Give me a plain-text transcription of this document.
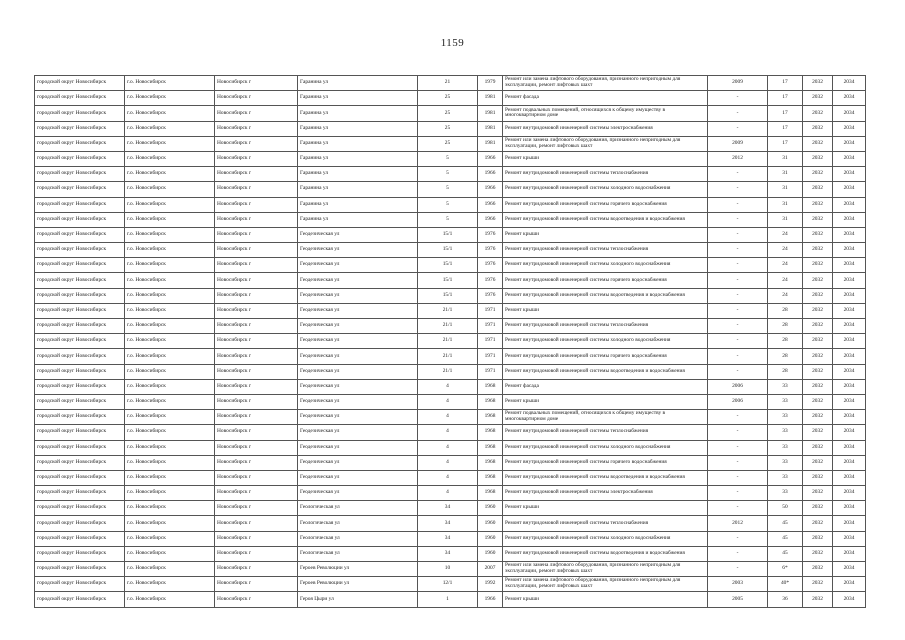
1159
городской округ Новосибирск	г.о. Новосибирск	Новосибирск г	Гаранина ул	21	1979	Ремонт или замена лифтового оборудования, признанного непригодным для эксплуатации, ремонт лифтовых шахт	2009	17	2032	2034
городской округ Новосибирск	г.о. Новосибирск	Новосибирск г	Гаранина ул	25	1981	Ремонт фасада	-	17	2032	2034
городской округ Новосибирск	г.о. Новосибирск	Новосибирск г	Гаранина ул	25	1981	Ремонт подвальных помещений, относящихся к общему имуществу в многоквартирном доме	-	17	2032	2034
городской округ Новосибирск	г.о. Новосибирск	Новосибирск г	Гаранина ул	25	1981	Ремонт внутридомовой инженерной системы электроснабжения	-	17	2032	2034
городской округ Новосибирск	г.о. Новосибирск	Новосибирск г	Гаранина ул	25	1981	Ремонт или замена лифтового оборудования, признанного непригодным для эксплуатации, ремонт лифтовых шахт	2009	17	2032	2034
городской округ Новосибирск	г.о. Новосибирск	Новосибирск г	Гаранина ул	5	1966	Ремонт крыши	2012	31	2032	2034
городской округ Новосибирск	г.о. Новосибирск	Новосибирск г	Гаранина ул	5	1966	Ремонт внутридомовой инженерной системы теплоснабжения	-	31	2032	2034
городской округ Новосибирск	г.о. Новосибирск	Новосибирск г	Гаранина ул	5	1966	Ремонт внутридомовой инженерной системы холодного водоснабжения	-	31	2032	2034
городской округ Новосибирск	г.о. Новосибирск	Новосибирск г	Гаранина ул	5	1966	Ремонт внутридомовой инженерной системы горячего водоснабжения	-	31	2032	2034
городской округ Новосибирск	г.о. Новосибирск	Новосибирск г	Гаранина ул	5	1966	Ремонт внутридомовой инженерной системы водоотведения и водоснабжения	-	31	2032	2034
городской округ Новосибирск	г.о. Новосибирск	Новосибирск г	Геодезическая ул	15/1	1976	Ремонт крыши	-	24	2032	2034
городской округ Новосибирск	г.о. Новосибирск	Новосибирск г	Геодезическая ул	15/1	1976	Ремонт внутридомовой инженерной системы теплоснабжения	-	24	2032	2034
городской округ Новосибирск	г.о. Новосибирск	Новосибирск г	Геодезическая ул	15/1	1976	Ремонт внутридомовой инженерной системы холодного водоснабжения	-	24	2032	2034
городской округ Новосибирск	г.о. Новосибирск	Новосибирск г	Геодезическая ул	15/1	1976	Ремонт внутридомовой инженерной системы горячего водоснабжения	-	24	2032	2034
городской округ Новосибирск	г.о. Новосибирск	Новосибирск г	Геодезическая ул	15/1	1976	Ремонт внутридомовой инженерной системы водоотведения и водоснабжения	-	24	2032	2034
городской округ Новосибирск	г.о. Новосибирск	Новосибирск г	Геодезическая ул	21/1	1971	Ремонт крыши	-	28	2032	2034
городской округ Новосибирск	г.о. Новосибирск	Новосибирск г	Геодезическая ул	21/1	1971	Ремонт внутридомовой инженерной системы теплоснабжения	-	28	2032	2034
городской округ Новосибирск	г.о. Новосибирск	Новосибирск г	Геодезическая ул	21/1	1971	Ремонт внутридомовой инженерной системы холодного водоснабжения	-	28	2032	2034
городской округ Новосибирск	г.о. Новосибирск	Новосибирск г	Геодезическая ул	21/1	1971	Ремонт внутридомовой инженерной системы горячего водоснабжения	-	28	2032	2034
городской округ Новосибирск	г.о. Новосибирск	Новосибирск г	Геодезическая ул	21/1	1971	Ремонт внутридомовой инженерной системы водоотведения и водоснабжения	-	28	2032	2034
городской округ Новосибирск	г.о. Новосибирск	Новосибирск г	Геодезическая ул	4	1968	Ремонт фасада	2006	33	2032	2034
городской округ Новосибирск	г.о. Новосибирск	Новосибирск г	Геодезическая ул	4	1968	Ремонт крыши	2006	33	2032	2034
городской округ Новосибирск	г.о. Новосибирск	Новосибирск г	Геодезическая ул	4	1968	Ремонт подвальных помещений, относящихся к общему имуществу в многоквартирном доме	-	33	2032	2034
городской округ Новосибирск	г.о. Новосибирск	Новосибирск г	Геодезическая ул	4	1968	Ремонт внутридомовой инженерной системы теплоснабжения	-	33	2032	2034
городской округ Новосибирск	г.о. Новосибирск	Новосибирск г	Геодезическая ул	4	1968	Ремонт внутридомовой инженерной системы холодного водоснабжения	-	33	2032	2034
городской округ Новосибирск	г.о. Новосибирск	Новосибирск г	Геодезическая ул	4	1968	Ремонт внутридомовой инженерной системы горячего водоснабжения	-	33	2032	2034
городской округ Новосибирск	г.о. Новосибирск	Новосибирск г	Геодезическая ул	4	1968	Ремонт внутридомовой инженерной системы водоотведения и водоснабжения	-	33	2032	2034
городской округ Новосибирск	г.о. Новосибирск	Новосибирск г	Геодезическая ул	4	1968	Ремонт внутридомовой инженерной системы электроснабжения	-	33	2032	2034
городской округ Новосибирск	г.о. Новосибирск	Новосибирск г	Геологическая ул	34	1960	Ремонт крыши	-	50	2032	2034
городской округ Новосибирск	г.о. Новосибирск	Новосибирск г	Геологическая ул	34	1960	Ремонт внутридомовой инженерной системы теплоснабжения	2012	45	2032	2034
городской округ Новосибирск	г.о. Новосибирск	Новосибирск г	Геологическая ул	34	1960	Ремонт внутридомовой инженерной системы холодного водоснабжения	-	45	2032	2034
городской округ Новосибирск	г.о. Новосибирск	Новосибирск г	Геологическая ул	34	1960	Ремонт внутридомовой инженерной системы водоотведения и водоснабжения	-	45	2032	2034
городской округ Новосибирск	г.о. Новосибирск	Новосибирск г	Героев Революции ул	10	2007	Ремонт или замена лифтового оборудования, признанного непригодным для эксплуатации, ремонт лифтовых шахт	-	6*	2032	2034
городской округ Новосибирск	г.о. Новосибирск	Новосибирск г	Героев Революции ул	12/1	1992	Ремонт или замена лифтового оборудования, признанного непригодным для эксплуатации, ремонт лифтовых шахт	2003	40*	2032	2034
городской округ Новосибирск	г.о. Новосибирск	Новосибирск г	Героя Цыри ул	1	1966	Ремонт крыши	2005	36	2032	2034
